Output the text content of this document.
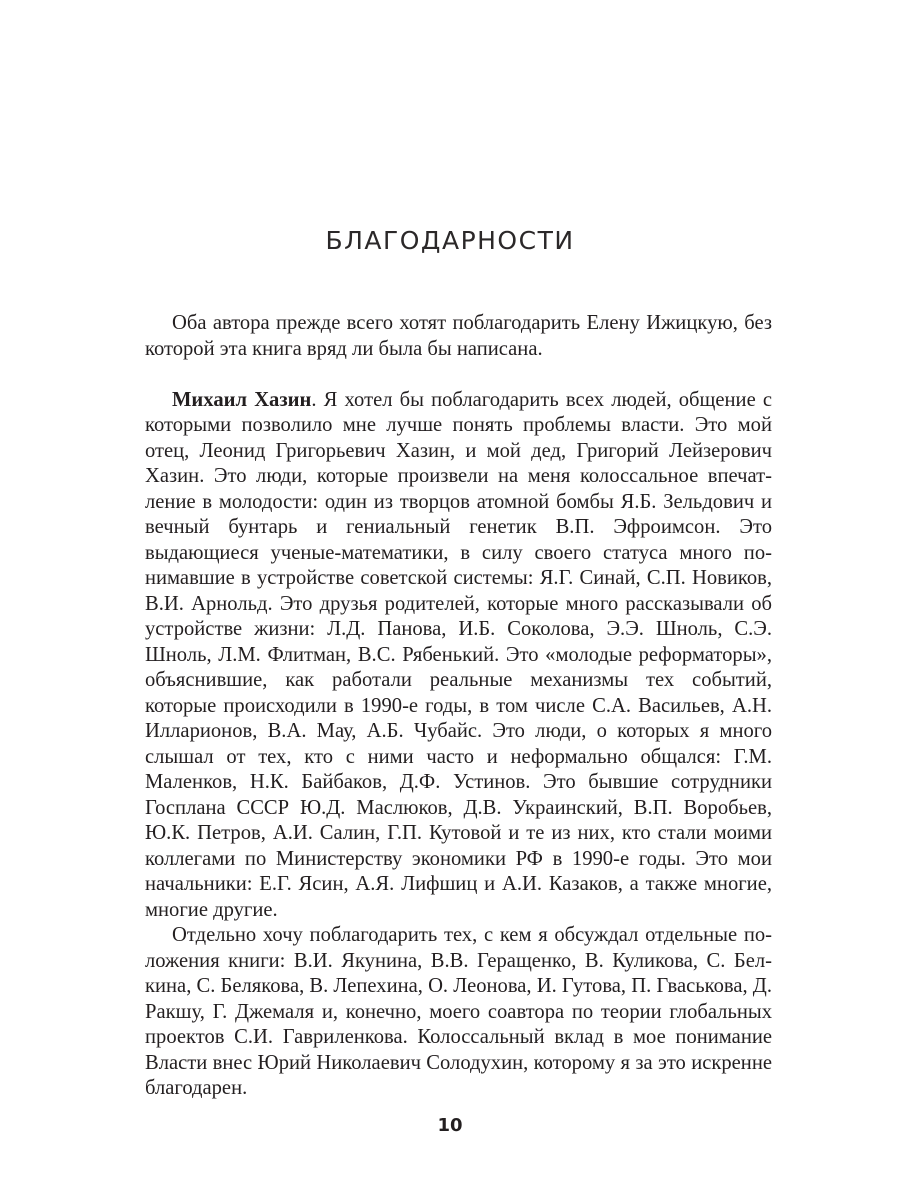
БЛАГОДАРНОСТИ

Оба автора прежде всего хотят поблагодарить Елену Ижицкую, без которой эта книга вряд ли была бы написана.

Михаил Хазин. Я хотел бы поблагодарить всех людей, общение с которыми позволило мне лучше понять проблемы власти. Это мой отец, Леонид Григорьевич Хазин, и мой дед, Григорий Лейзерович Хазин. Это люди, которые произвели на меня колоссальное впечатление в молодости: один из творцов атомной бомбы Я.Б. Зельдович и вечный бунтарь и гениальный генетик В.П. Эфроимсон. Это выдающиеся ученые-математики, в силу своего статуса много понимавшие в устройстве советской системы: Я.Г. Синай, С.П. Новиков, В.И. Арнольд. Это друзья родителей, которые много рассказывали об устройстве жизни: Л.Д. Панова, И.Б. Соколова, Э.Э. Шноль, С.Э. Шноль, Л.М. Флитман, В.С. Рябенький. Это «молодые реформаторы», объяснившие, как работали реальные механизмы тех событий, которые происходили в 1990-е годы, в том числе С.А. Васильев, А.Н. Илларионов, В.А. Мау, А.Б. Чубайс. Это люди, о которых я много слышал от тех, кто с ними часто и неформально общался: Г.М. Маленков, Н.К. Байбаков, Д.Ф. Устинов. Это бывшие сотрудники Госплана СССР Ю.Д. Маслюков, Д.В. Украинский, В.П. Воробьев, Ю.К. Петров, А.И. Салин, Г.П. Кутовой и те из них, кто стали моими коллегами по Министерству экономики РФ в 1990-е годы. Это мои начальники: Е.Г. Ясин, А.Я. Лифшиц и А.И. Казаков, а также многие, многие другие.

Отдельно хочу поблагодарить тех, с кем я обсуждал отдельные положения книги: В.И. Якунина, В.В. Геращенко, В. Куликова, С. Белкина, С. Белякова, В. Лепехина, О. Леонова, И. Гутова, П. Гваськова, Д. Ракшу, Г. Джемаля и, конечно, моего соавтора по теории глобальных проектов С.И. Гавриленкова. Колоссальный вклад в мое понимание Власти внес Юрий Николаевич Солодухин, которому я за это искренне благодарен.

10
